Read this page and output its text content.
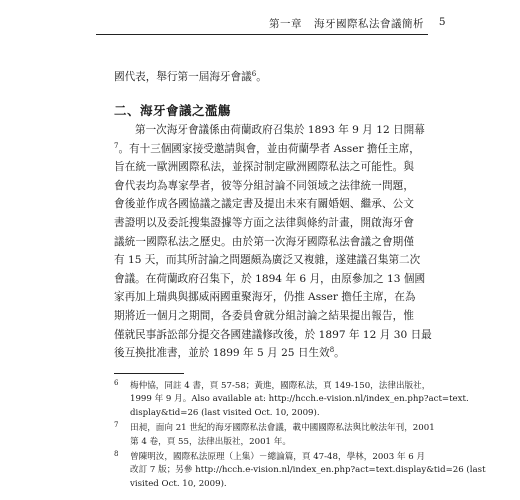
第一章 海牙國際私法會議簡析 5
國代表，舉行第一屆海牙會議$^6$。
二、海牙會議之濫觴
第一次海牙會議係由荷蘭政府召集於 1893 年 9 月 12 日開幕
$^7$。有十三個國家接受邀請與會，並由荷蘭學者 Asser 擔任主席，
旨在統一歐洲國際私法，並探討制定歐洲國際私法之可能性。與
會代表均為專家學者，彼等分組討論不同領域之法律統一問題，
會後並作成各國協議之議定書及提出未來有關婚姻、繼承、公文
書證明以及委託搜集證據等方面之法律與條約計畫，開啟海牙會
議統一國際私法之歷史。由於第一次海牙國際私法會議之會期僅
有 15 天，而其所討論之問題頗為廣泛又複雜，遂建議召集第二次
會議。在荷蘭政府召集下，於 1894 年 6 月，由原參加之 13 個國
家再加上瑞典與挪威兩國重聚海牙，仍推 Asser 擔任主席，在為
期將近一個月之期間，各委員會就分組討論之結果提出報告，惟
僅就民事訴訟部分提交各國建議修改後，於 1897 年 12 月 30 日最
後互換批准書，並於 1899 年 5 月 25 日生效$^8$。
6 梅仲協，同註 4 書，頁 57-58；黃進，國際私法，頁 149-150，法律出版社，
1999 年 9 月。Also available at: http://hcch.e-vision.nl/index_en.php?act=text.
display&tid=26 (last visited Oct. 10, 2009).
7 田昶，面向 21 世紀的海牙國際私法會議，載中國國際私法與比較法年刊，2001
第 4 卷，頁 55，法律出版社，2001 年。
8 曾陳明汝，國際私法原理（上集）－總論篇，頁 47-48，學林，2003 年 6 月
改訂 7 版；另參 http://hcch.e-vision.nl/index_en.php?act=text.display&tid=26 (last
visited Oct. 10, 2009).
